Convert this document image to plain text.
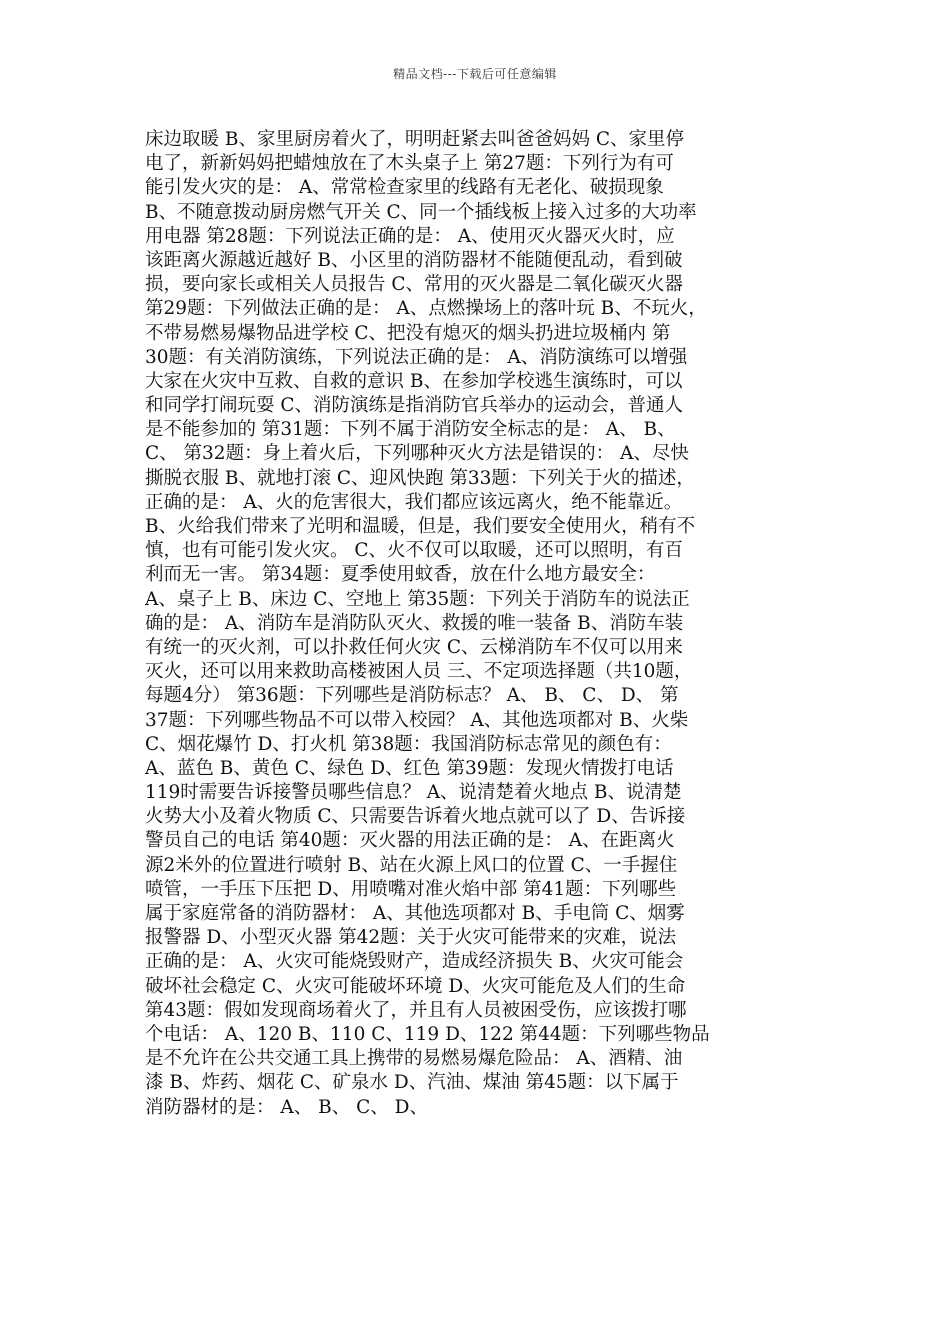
精品文档---下载后可任意编辑
床边取暖 B、家里厨房着火了，明明赶紧去叫爸爸妈妈 C、家里停
电了，新新妈妈把蜡烛放在了木头桌子上 第27题：下列行为有可
能引发火灾的是： A、常常检查家里的线路有无老化、破损现象
B、不随意拨动厨房燃气开关 C、同一个插线板上接入过多的大功率
用电器 第28题：下列说法正确的是： A、使用灭火器灭火时，应
该距离火源越近越好 B、小区里的消防器材不能随便乱动，看到破
损，要向家长或相关人员报告 C、常用的灭火器是二氧化碳灭火器
第29题：下列做法正确的是： A、点燃操场上的落叶玩 B、不玩火，
不带易燃易爆物品进学校 C、把没有熄灭的烟头扔进垃圾桶内 第
30题：有关消防演练，下列说法正确的是： A、消防演练可以增强
大家在火灾中互救、自救的意识 B、在参加学校逃生演练时，可以
和同学打闹玩耍 C、消防演练是指消防官兵举办的运动会，普通人
是不能参加的 第31题：下列不属于消防安全标志的是： A、 B、
C、 第32题：身上着火后，下列哪种灭火方法是错误的： A、尽快
撕脱衣服 B、就地打滚 C、迎风快跑 第33题：下列关于火的描述，
正确的是： A、火的危害很大，我们都应该远离火，绝不能靠近。
B、火给我们带来了光明和温暖，但是，我们要安全使用火，稍有不
慎，也有可能引发火灾。 C、火不仅可以取暖，还可以照明，有百
利而无一害。 第34题：夏季使用蚊香，放在什么地方最安全：
A、桌子上 B、床边 C、空地上 第35题：下列关于消防车的说法正
确的是： A、消防车是消防队灭火、救援的唯一装备 B、消防车装
有统一的灭火剂，可以扑救任何火灾 C、云梯消防车不仅可以用来
灭火，还可以用来救助高楼被困人员 三、不定项选择题（共10题，
每题4分） 第36题：下列哪些是消防标志？ A、 B、 C、 D、 第
37题：下列哪些物品不可以带入校园？ A、其他选项都对 B、火柴
C、烟花爆竹 D、打火机 第38题：我国消防标志常见的颜色有：
A、蓝色 B、黄色 C、绿色 D、红色 第39题：发现火情拨打电话
119时需要告诉接警员哪些信息？ A、说清楚着火地点 B、说清楚
火势大小及着火物质 C、只需要告诉着火地点就可以了 D、告诉接
警员自己的电话 第40题：灭火器的用法正确的是： A、在距离火
源2米外的位置进行喷射 B、站在火源上风口的位置 C、一手握住
喷管，一手压下压把 D、用喷嘴对准火焰中部 第41题：下列哪些
属于家庭常备的消防器材： A、其他选项都对 B、手电筒 C、烟雾
报警器 D、小型灭火器 第42题：关于火灾可能带来的灾难，说法
正确的是： A、火灾可能烧毁财产，造成经济损失 B、火灾可能会
破坏社会稳定 C、火灾可能破坏环境 D、火灾可能危及人们的生命
第43题：假如发现商场着火了，并且有人员被困受伤，应该拨打哪
个电话： A、120 B、110 C、119 D、122 第44题：下列哪些物品
是不允许在公共交通工具上携带的易燃易爆危险品： A、酒精、油
漆 B、炸药、烟花 C、矿泉水 D、汽油、煤油 第45题：以下属于
消防器材的是： A、 B、 C、 D、
